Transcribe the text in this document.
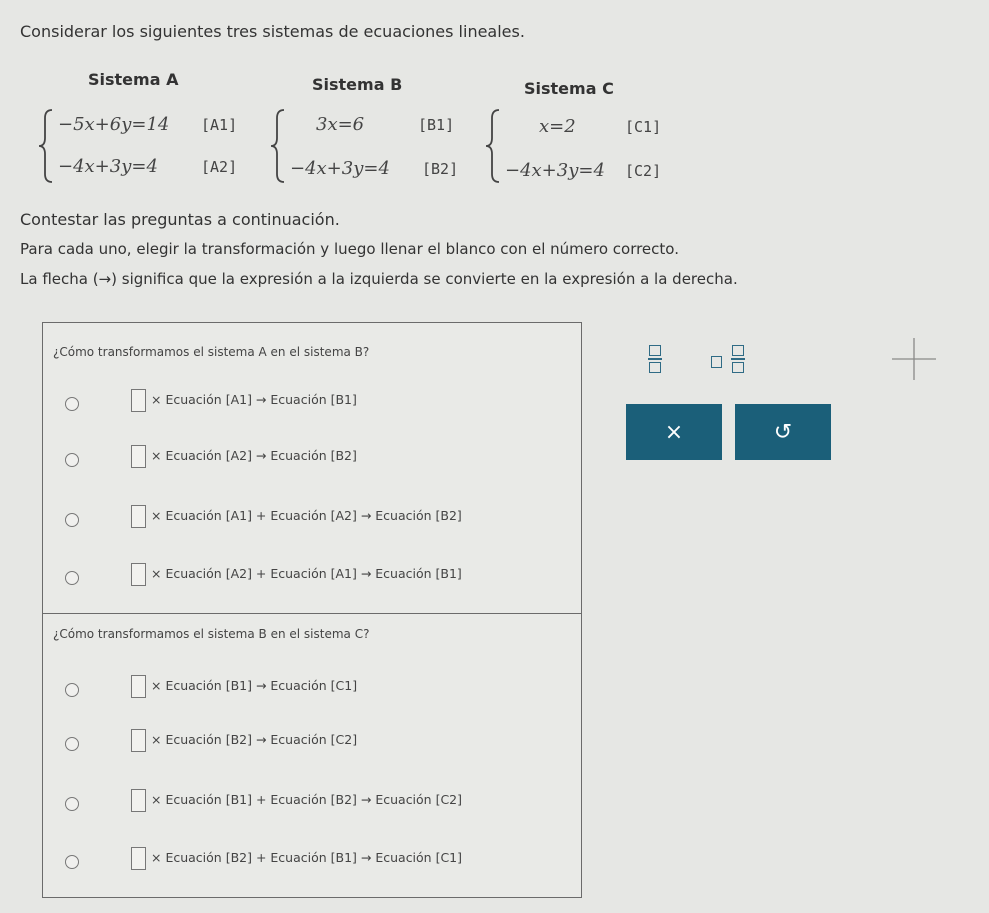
Considerar los siguientes tres sistemas de ecuaciones lineales.
Sistema A	Sistema B	Sistema C
−5x+6y=14 [A1]
−4x+3y=4	[A2]
3x=6	[B1]
−4x+3y=4 [B2]
x=2	[C1]
−4x+3y=4 [C2]
Contestar las preguntas a continuación.
Para cada uno, elegir la transformación y luego llenar el blanco con el número correcto.
La flecha (→) significa que la expresión a la izquierda se convierte en la expresión a la derecha.
¿Cómo transformamos el sistema A en el sistema B?
× Ecuación [A1] → Ecuación [B1]
× Ecuación [A2] → Ecuación [B2]
× Ecuación [A1] + Ecuación [A2] → Ecuación [B2]
× Ecuación [A2] + Ecuación [A1] → Ecuación [B1]
¿Cómo transformamos el sistema B en el sistema C?
× Ecuación [B1] → Ecuación [C1]
× Ecuación [B2] → Ecuación [C2]
× Ecuación [B1] + Ecuación [B2] → Ecuación [C2]
× Ecuación [B2] + Ecuación [B1] → Ecuación [C1]
×	↺
